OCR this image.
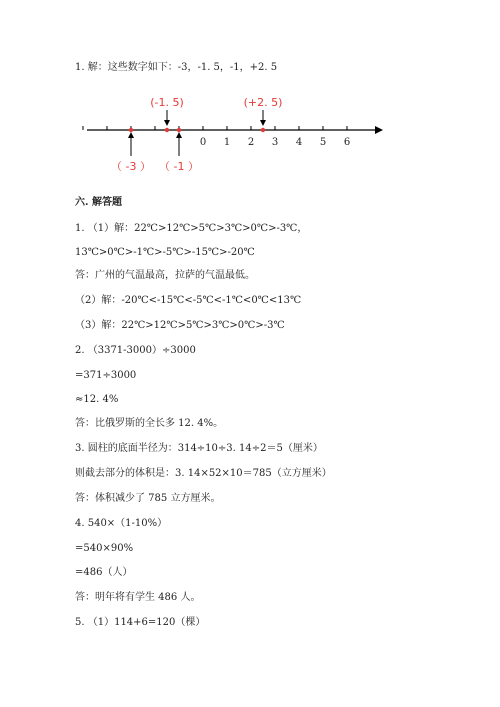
1. 解：这些数字如下：-3，-1. 5，-1，+2. 5
0 1 2 3 4 5 6
（ -3 ）
(-1. 5)
（ -1 ）
(+2. 5)
六. 解答题
1. （1）解：22℃>12℃>5℃>3℃>0℃>-3℃，
13℃>0℃>-1℃>-5℃>-15℃>-20℃
答：广州的气温最高，拉萨的气温最低。
（2）解：-20℃<-15℃<-5℃<-1℃<0℃<13℃
（3）解：22℃>12℃>5℃>3℃>0℃>-3℃
2. （3371-3000）÷3000
=371÷3000
≈12. 4%
答：比俄罗斯的全长多 12. 4%。
3. 圆柱的底面半径为：314÷10÷3. 14÷2＝5（厘米）
则截去部分的体积是：3. 14×52×10＝785（立方厘米）
答：体积减少了 785 立方厘米。
4. 540×（1-10%）
=540×90%
=486（人）
答：明年将有学生 486 人。
5. （1）114+6=120（棵）
